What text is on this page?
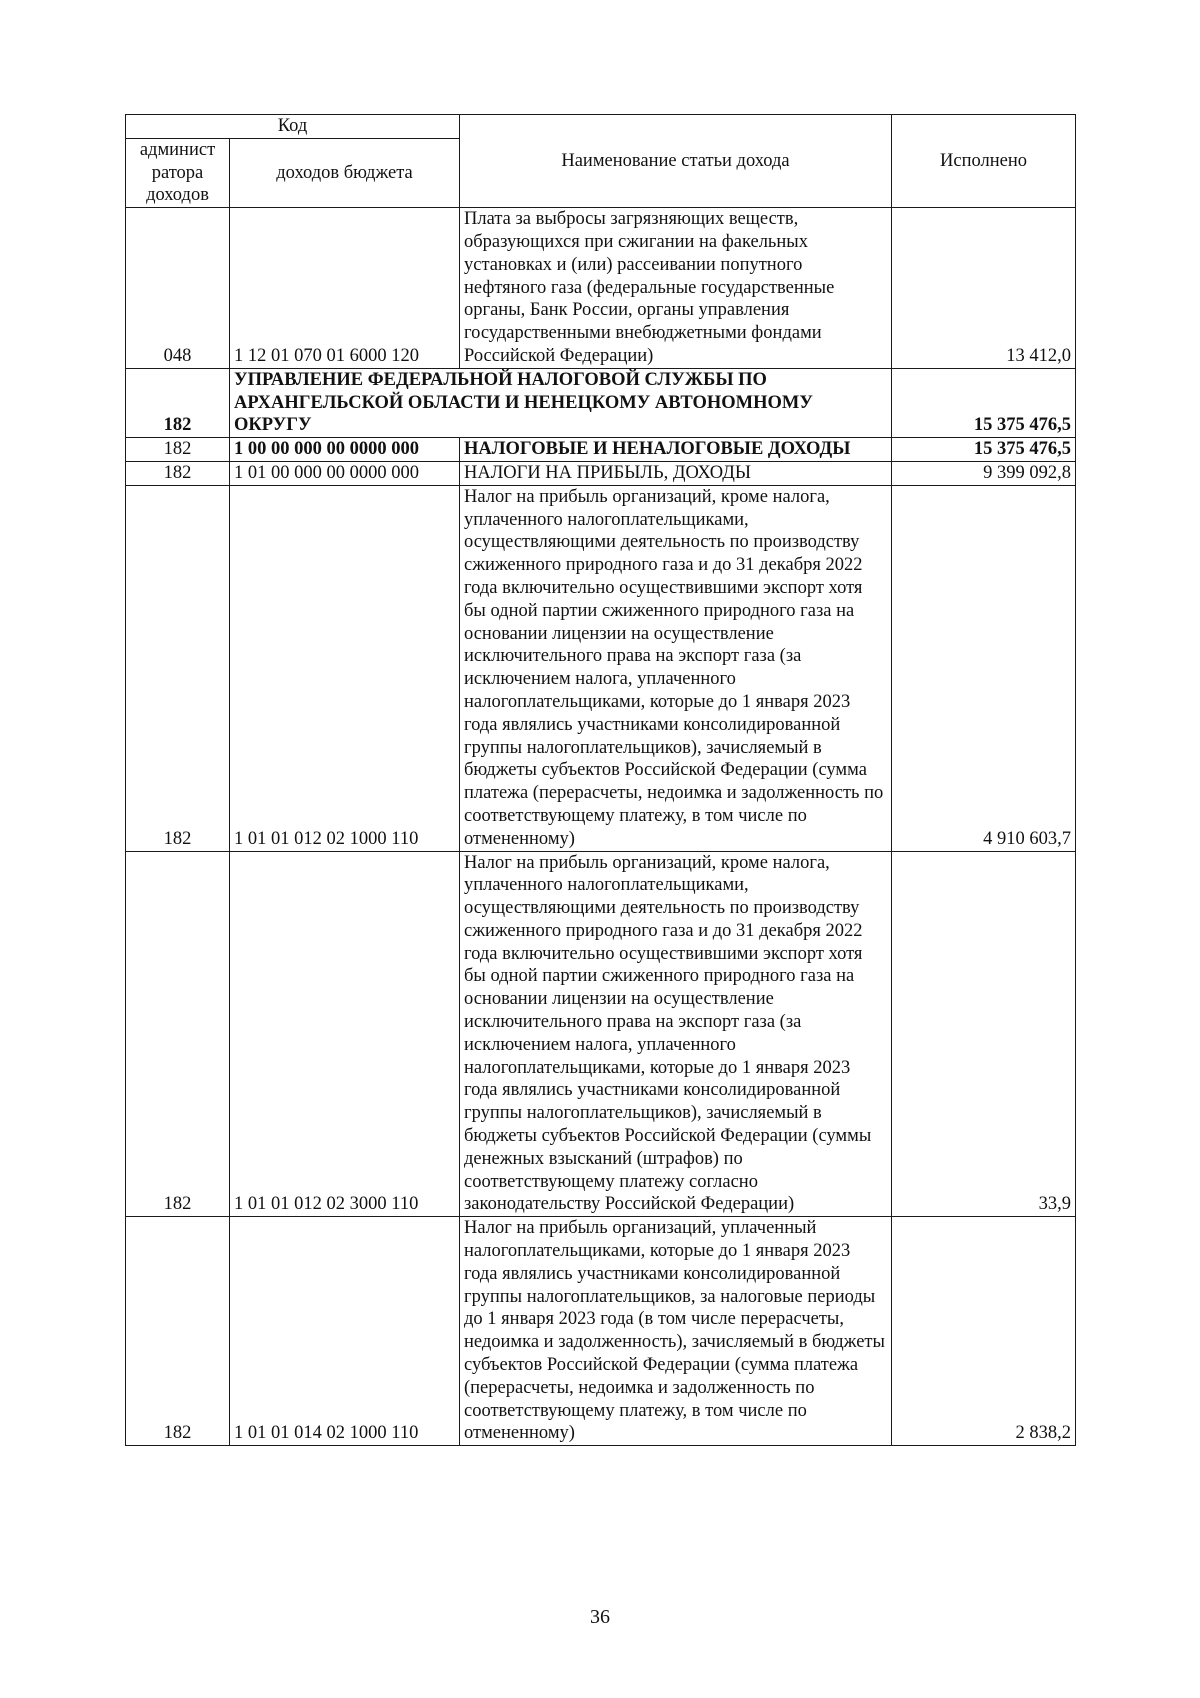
Код		Наименование статьи дохода	Исполнено
админист ратора доходов	доходов бюджета		
048	1 12 01 070 01 6000 120	Плата за выбросы загрязняющих веществ, образующихся при сжигании на факельных установках и (или) рассеивании попутного нефтяного газа (федеральные государственные органы, Банк России, органы управления государственными внебюджетными фондами Российской Федерации)	13 412,0
182	УПРАВЛЕНИЕ ФЕДЕРАЛЬНОЙ НАЛОГОВОЙ СЛУЖБЫ ПО АРХАНГЕЛЬСКОЙ ОБЛАСТИ И НЕНЕЦКОМУ АВТОНОМНОМУ ОКРУГУ		15 375 476,5
182	1 00 00 000 00 0000 000	НАЛОГОВЫЕ И НЕНАЛОГОВЫЕ ДОХОДЫ	15 375 476,5
182	1 01 00 000 00 0000 000	НАЛОГИ НА ПРИБЫЛЬ, ДОХОДЫ	9 399 092,8
182	1 01 01 012 02 1000 110	Налог на прибыль организаций, кроме налога, уплаченного налогоплательщиками, осуществляющими деятельность по производству сжиженного природного газа и до 31 декабря 2022 года включительно осуществившими экспорт хотя бы одной партии сжиженного природного газа на основании лицензии на осуществление исключительного права на экспорт газа (за исключением налога, уплаченного налогоплательщиками, которые до 1 января 2023 года являлись участниками консолидированной группы налогоплательщиков), зачисляемый в бюджеты субъектов Российской Федерации (сумма платежа (перерасчеты, недоимка и задолженность по соответствующему платежу, в том числе по отмененному)	4 910 603,7
182	1 01 01 012 02 3000 110	Налог на прибыль организаций, кроме налога, уплаченного налогоплательщиками, осуществляющими деятельность по производству сжиженного природного газа и до 31 декабря 2022 года включительно осуществившими экспорт хотя бы одной партии сжиженного природного газа на основании лицензии на осуществление исключительного права на экспорт газа (за исключением налога, уплаченного налогоплательщиками, которые до 1 января 2023 года являлись участниками консолидированной группы налогоплательщиков), зачисляемый в бюджеты субъектов Российской Федерации (суммы денежных взысканий (штрафов) по соответствующему платежу согласно законодательству Российской Федерации)	33,9
182	1 01 01 014 02 1000 110	Налог на прибыль организаций, уплаченный налогоплательщиками, которые до 1 января 2023 года являлись участниками консолидированной группы налогоплательщиков, за налоговые периоды до 1 января 2023 года (в том числе перерасчеты, недоимка и задолженность), зачисляемый в бюджеты субъектов Российской Федерации (сумма платежа (перерасчеты, недоимка и задолженность по соответствующему платежу, в том числе по отмененному)	2 838,2
36
